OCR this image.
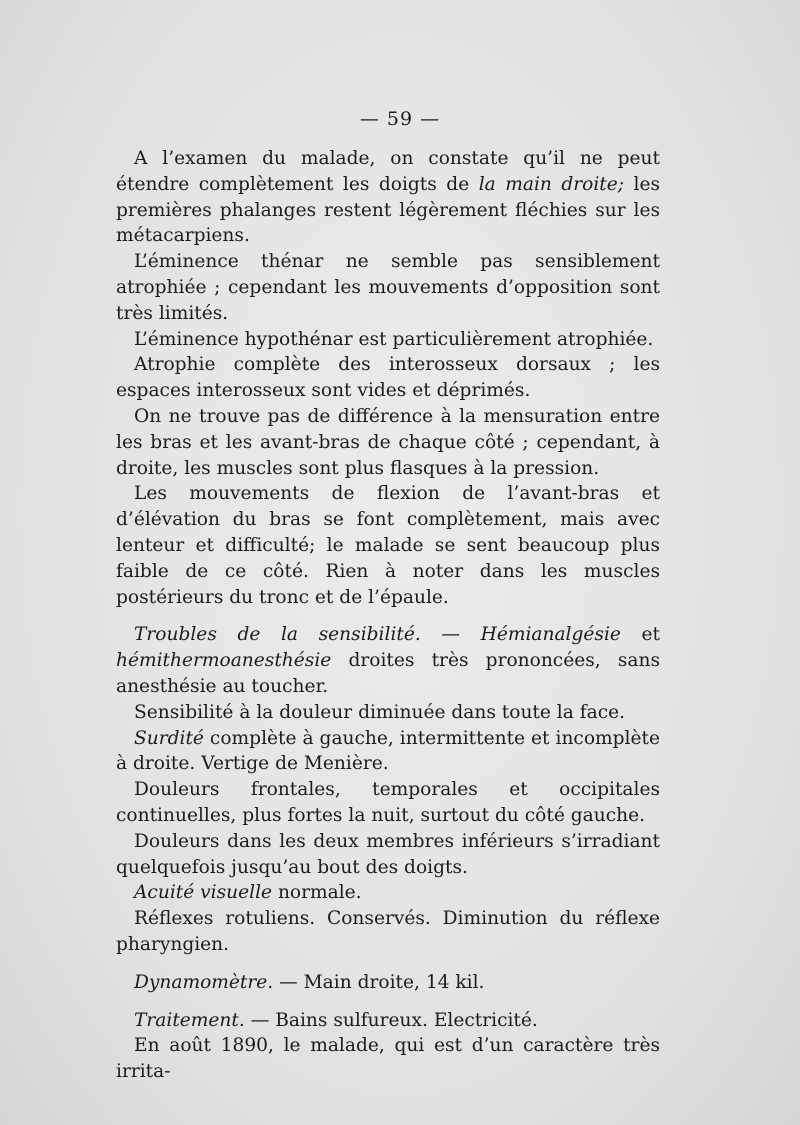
— 59 —

A l’examen du malade, on constate qu’il ne peut étendre complètement les doigts de la main droite; les premières phalanges restent légèrement fléchies sur les métacarpiens.

L’éminence thénar ne semble pas sensiblement atrophiée ; cependant les mouvements d’opposition sont très limités.

L’éminence hypothénar est particulièrement atrophiée.

Atrophie complète des interosseux dorsaux ; les espaces interosseux sont vides et déprimés.

On ne trouve pas de différence à la mensuration entre les bras et les avant-bras de chaque côté ; cependant, à droite, les muscles sont plus flasques à la pression.

Les mouvements de flexion de l’avant-bras et d’élévation du bras se font complètement, mais avec lenteur et difficulté; le malade se sent beaucoup plus faible de ce côté. Rien à noter dans les muscles postérieurs du tronc et de l’épaule.

Troubles de la sensibilité. — Hémianalgésie et hémithermoanesthésie droites très prononcées, sans anesthésie au toucher.

Sensibilité à la douleur diminuée dans toute la face.

Surdité complète à gauche, intermittente et incomplète à droite. Vertige de Menière.

Douleurs frontales, temporales et occipitales continuelles, plus fortes la nuit, surtout du côté gauche.

Douleurs dans les deux membres inférieurs s’irradiant quelquefois jusqu’au bout des doigts.

Acuité visuelle normale.

Réflexes rotuliens. Conservés. Diminution du réflexe pharyngien.

Dynamomètre. — Main droite, 14 kil.

Traitement. — Bains sulfureux. Electricité.

En août 1890, le malade, qui est d’un caractère très irrita-
